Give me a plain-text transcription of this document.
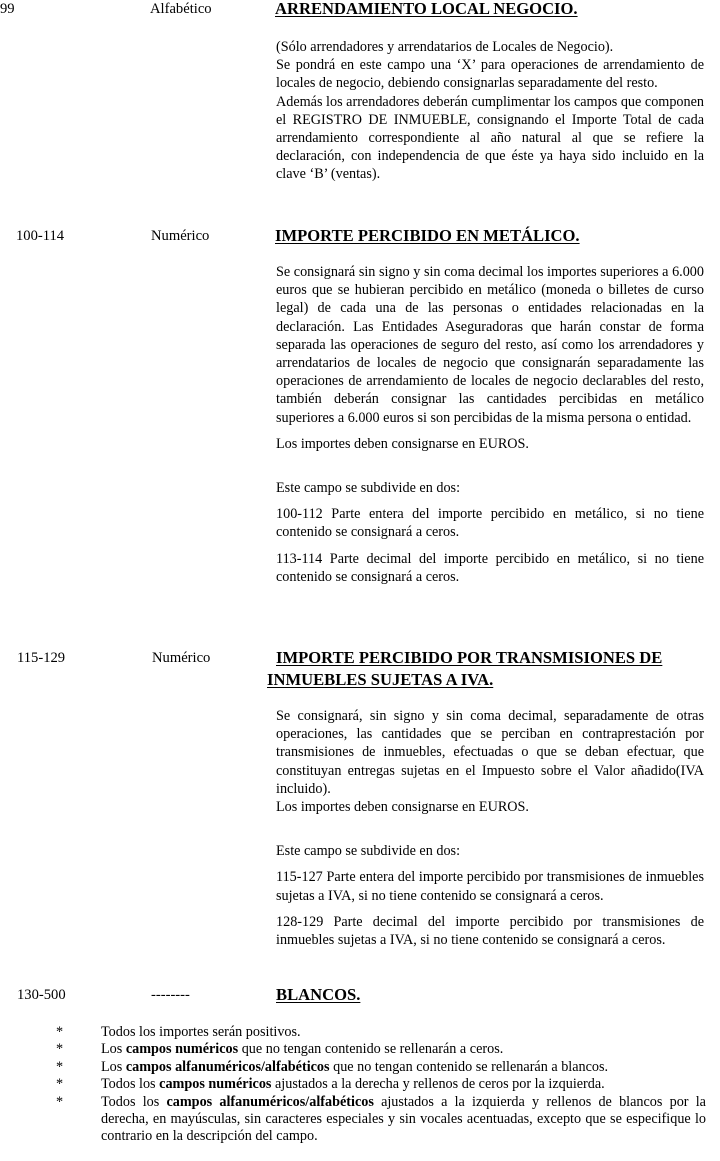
99	Alfabético	ARRENDAMIENTO LOCAL NEGOCIO.

(Sólo arrendadores y arrendatarios de Locales de Negocio).

Se pondrá en este campo una ‘X’ para operaciones de arrendamiento de locales de negocio, debiendo consignarlas separadamente del resto.

Además los arrendadores deberán cumplimentar los campos que componen el REGISTRO DE INMUEBLE, consignando el Importe Total de cada arrendamiento correspondiente al año natural al que se refiere la declaración, con independencia de que éste ya haya sido incluido en la clave ‘B’ (ventas).

100-114	Numérico	IMPORTE PERCIBIDO EN METÁLICO.

Se consignará sin signo y sin coma decimal los importes superiores a 6.000 euros que se hubieran percibido en metálico (moneda o billetes de curso legal) de cada una de las personas o entidades relacionadas en la declaración. Las Entidades Aseguradoras que harán constar de forma separada las operaciones de seguro del resto, así como los arrendadores y arrendatarios de locales de negocio que consignarán separadamente las operaciones de arrendamiento de locales de negocio declarables del resto, también deberán consignar las cantidades percibidas en metálico superiores a 6.000 euros si son percibidas de la misma persona o entidad.

Los importes deben consignarse en EUROS.

Este campo se subdivide en dos:

100-112 Parte entera del importe percibido en metálico, si no tiene contenido se consignará a ceros.

113-114 Parte decimal del importe percibido en metálico, si no tiene contenido se consignará a ceros.

115-129	Numérico	IMPORTE PERCIBIDO POR TRANSMISIONES DE
INMUEBLES SUJETAS A IVA.

Se consignará, sin signo y sin coma decimal, separadamente de otras operaciones, las cantidades que se perciban en contraprestación por transmisiones de inmuebles, efectuadas o que se deban efectuar, que constituyan entregas sujetas en el Impuesto sobre el Valor añadido(IVA incluido).

Los importes deben consignarse en EUROS.

Este campo se subdivide en dos:

115-127 Parte entera del importe percibido por transmisiones de inmuebles sujetas a IVA, si no tiene contenido se consignará a ceros.

128-129 Parte decimal del importe percibido por transmisiones de inmuebles sujetas a IVA, si no tiene contenido se consignará a ceros.

130-500	--------	BLANCOS.
*	Todos los importes serán positivos.
*	Los campos numéricos que no tengan contenido se rellenarán a ceros.
*	Los campos alfanuméricos/alfabéticos que no tengan contenido se rellenarán a blancos.
*	Todos los campos numéricos ajustados a la derecha y rellenos de ceros por la izquierda.
*	Todos los campos alfanuméricos/alfabéticos ajustados a la izquierda y rellenos de blancos por la derecha, en mayúsculas, sin caracteres especiales y sin vocales acentuadas, excepto que se especifique lo contrario en la descripción del campo.
